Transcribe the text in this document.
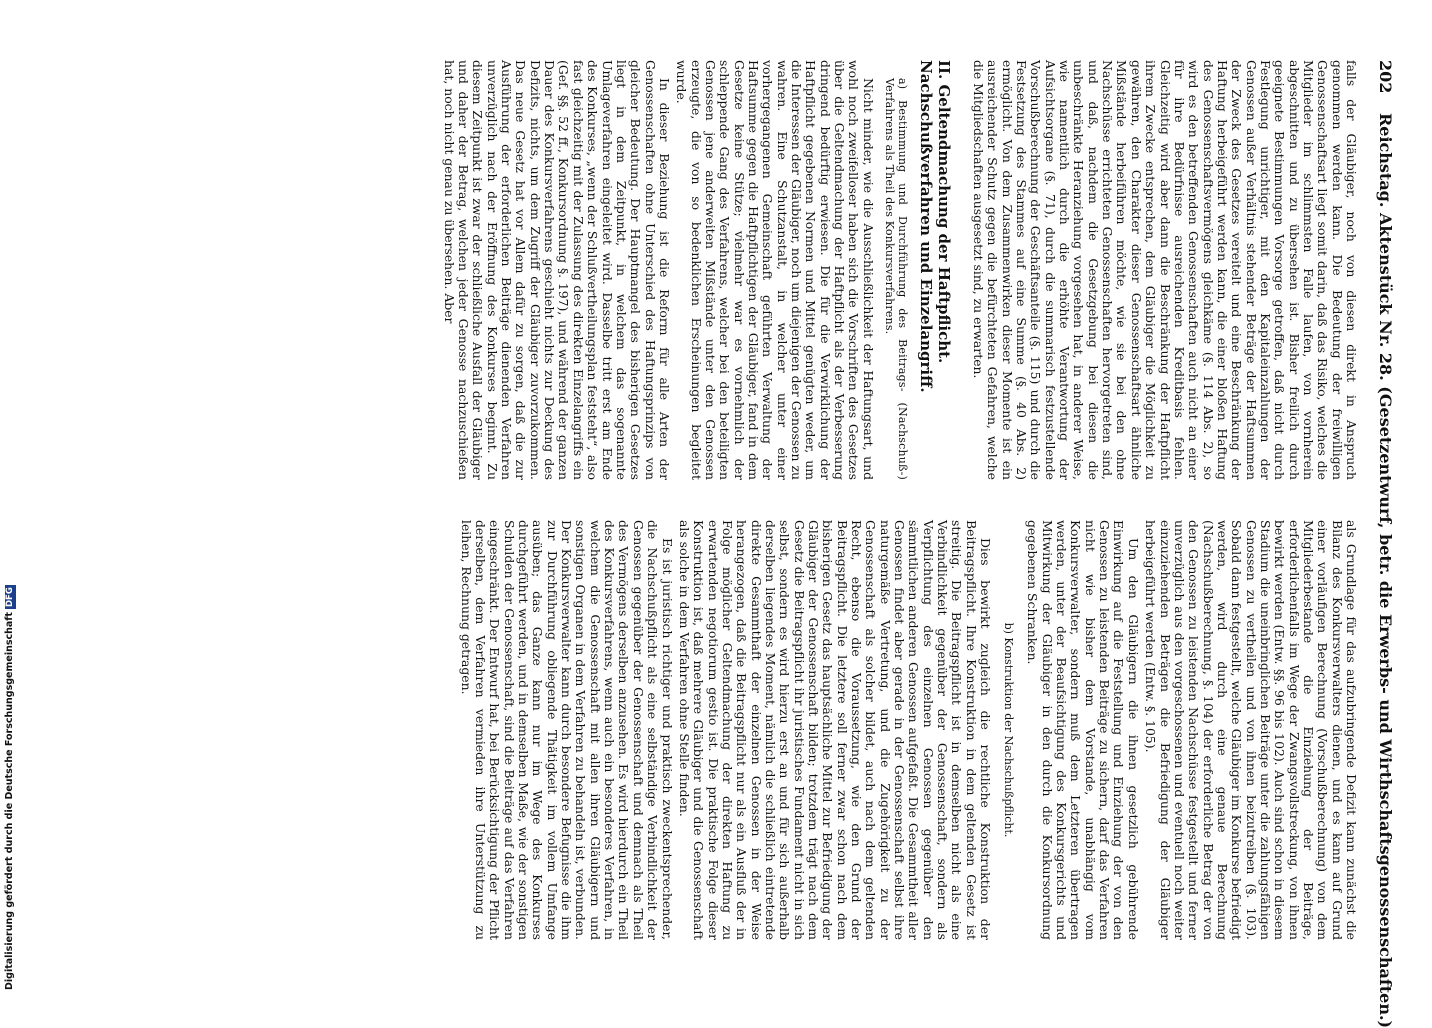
202 Reichstag. Aktenstück Nr. 28. (Gesetzentwurf, betr. die Erwerbs- und Wirthschaftsgenossenschaften.)

falls der Gläubiger, noch von diesen direkt in Anspruch genommen werden kann. Die Bedeutung der freiwilligen Genossenschaftsart liegt somit darin, daß das Risiko, welches die Mitglieder im schlimmsten Falle laufen, von vornherein abgeschnitten und zu übersehen ist. Bisher freilich durch geeignete Bestimmungen Vorsorge getroffen, daß nicht durch Festlegung unrichtiger, mit den Kapitaleinzahlungen der Genossen außer Verhältnis stehender Beträge der Haftsummen der Zweck des Gesetzes vereitelt und eine Beschränkung der Haftung herbeigeführt werden kann, die einer bloßen Haftung des Genossenschaftsvermögens gleichkäme (§. 114 Abs. 2), so wird es den betreffenden Genossenschaften auch nicht an einer für ihre Bedürfnisse ausreichenden Kreditbasis fehlen. Gleichzeitig wird aber dann die Beschränkung der Haftpflicht ihrem Zwecke entsprechen, dem Gläubiger die Möglichkeit zu gewähren, den Charakter dieser Genossenschaftsart ähnliche Mißstände herbeiführen möchte, wie sie bei den ohne Nachschüsse errichteten Genossenschaften hervorgetreten sind, und daß, nachdem die Gesetzgebung bei diesen die unbeschränkte Heranziehung vorgesehen hat, in anderer Weise, wie namentlich durch die erhöhte Verantwortung der Aufsichtsorgane (§. 71), durch die summarisch festzustellende Vorschußberechnung der Geschäftsanteile (§. 115) und durch die Festsetzung des Stammes auf eine Summe (§. 40 Abs. 2) ermöglicht. Von dem Zusammenwirken dieser Momente ist ein ausreichender Schutz gegen die befürchteten Gefahren, welche die Mitgliedschaften ausgesetzt sind, zu erwarten.

II. Geltendmachung der Haftpflicht. Nachschußverfahren und Einzelangriff.
a) Bestimmung und Durchführung des Beitrags- (Nachschuß-) Verfahrens als Theil des Konkursverfahrens.

Nicht minder, wie die Ausschließlichkeit der Haftungsart, und wohl noch zweifelloser haben sich die Vorschriften des Gesetzes über die Geltendmachung der Haftpflicht als der Verbesserung dringend bedürftig erwiesen. Die für die Verwirklichung der Haftpflicht gegebenen Normen und Mittel genügten weder, um die Interessen der Gläubiger, noch um diejenigen der Genossen zu wahren. Eine Schutzanstalt, in welcher unter einer vorhergegangenen Gemeinschaft geführten Verwaltung der Haftsumme gegen die Haftpflichtigen der Gläubiger, fand in dem Gesetze keine Stütze; vielmehr war es vornehmlich der schleppende Gang des Verfahrens, welcher bei den beteiligten Genossen jene anderweiten Mißstände unter den Genossen erzeugte, die von so bedenklichen Erscheinungen begleitet wurde.

In dieser Beziehung ist die Reform für alle Arten der Genossenschaften ohne Unterschied des Haftungsprinzips von gleicher Bedeutung. Der Hauptmangel des bisherigen Gesetzes liegt in dem Zeitpunkt, in welchem das sogenannte Umlageverfahren eingeleitet wird. Dasselbe tritt erst am Ende des Konkurses, „wenn der Schlußvertheilungsplan feststeht“, also fast gleichzeitig mit der Zulassung des direkten Einzelangriffs ein (Gef. §§. 52 ff., Konkursordnung §. 197), und während der ganzen Dauer des Konkursverfahrens geschieht nichts zur Deckung des Defizits, nichts, um dem Zugriff der Gläubiger zuvorzukommen. Das neue Gesetz hat vor Allem dafür zu sorgen, daß die zur Ausführung der erforderlichen Beiträge dienenden Verfahren unverzüglich nach der Eröffnung des Konkurses beginnt. Zu diesem Zeitpunkt ist zwar der schließliche Ausfall der Gläubiger und daher der Betrag, welchen jeder Genosse nachzuschießen hat, noch nicht genau zu übersehen. Aber

als Grundlage für das aufzubringende Defizit kann zunächst die Bilanz des Konkursverwalters dienen, und es kann auf Grund einer vorläufigen Berechnung (Vorschußberechnung) von dem Mitgliederbestande die Einziehung der Beiträge, erforderlichenfalls im Wege der Zwangsvollstreckung, von ihnen bewirkt werden (Entw. §§. 96 bis 102). Auch sind schon in diesem Stadium die uneinbringlichen Beiträge unter die zahlungsfähigen Genossen zu vertheilen und von ihnen beizutreiben (§. 103). Sobald dann festgestellt, welche Gläubiger im Konkurse befriedigt werden, wird durch eine genaue Berechnung (Nachschußberechnung, §. 104) der erforderliche Betrag der von den Genossen zu leistenden Nachschüsse festgestellt und ferner unverzüglich aus den vorgeschossenen und eventuell noch weiter einzuziehenden Beträgen die Befriedigung der Gläubiger herbeigeführt werden (Entw. §. 105).

Um den Gläubigern die ihnen gesetzlich gebührende Einwirkung auf die Feststellung und Einziehung der von den Genossen zu leistenden Beiträge zu sichern, darf das Verfahren nicht wie bisher dem Vorstande, unabhängig vom Konkursverwalter, sondern muß dem Letzteren übertragen werden, unter der Beaufsichtigung des Konkursgerichts und Mitwirkung der Gläubiger in den durch die Konkursordnung gegebenen Schranken.

b) Konstruktion der Nachschußpflicht.

Dies bewirkt zugleich die rechtliche Konstruktion der Beitragspflicht. Ihre Konstruktion in dem geltenden Gesetz ist streitig. Die Beitragspflicht ist in demselben nicht als eine Verbindlichkeit gegenüber der Genossenschaft, sondern als Verpflichtung des einzelnen Genossen gegenüber den sämmtlichen anderen Genossen aufgefaßt. Die Gesammtheit aller Genossen findet aber gerade in der Genossenschaft selbst ihre naturgemäße Vertretung, und die Zugehörigkeit zu der Genossenschaft als solcher bildet, auch nach dem geltenden Recht, ebenso die Voraussetzung, wie den Grund der Beitragspflicht. Die letztere soll ferner zwar schon nach dem bisherigen Gesetz das hauptsächliche Mittel zur Befriedigung der Gläubiger der Genossenschaft bilden; trotzdem trägt nach dem Gesetz die Beitragspflicht ihr juristisches Fundament nicht in sich selbst, sondern es wird hierzu erst an und für sich außerhalb derselben liegendes Moment, nämlich die schließlich eintretende direkte Gesammthaft der einzelnen Genossen in der Weise herangezogen, daß die Beitragspflicht nur als ein Ausfluß der in Folge möglicher Geltendmachung der direkten Haftung zu erwartenden negotiorum gestio ist. Die praktische Folge dieser Konstruktion ist, daß mehrere Gläubiger und die Genossenschaft als solche in dem Verfahren ohne Stelle finden.

Es ist juristisch richtiger und praktisch zweckentsprechender, die Nachschußpflicht als eine selbständige Verbindlichkeit der Genossen gegenüber der Genossenschaft und demnach als Theil des Vermögens derselben anzusehen. Es wird hierdurch ein Theil des Konkursverfahrens, wenn auch ein besonderes Verfahren, in welchem die Genossenschaft mit allen ihren Gläubigern und sonstigen Organen in dem Verfahren zu behandeln ist, verbunden. Der Konkursverwalter kann durch besondere Befugnisse die ihm zur Durchführung obliegende Thätigkeit im vollem Umfange ausüben; das Ganze kann nur im Wege des Konkurses durchgeführt werden, und in demselben Maße, wie der sonstigen Schulden der Genossenschaft, sind die Beiträge auf das Verfahren eingeschränkt. Der Entwurf hat, bei Berücksichtigung der Pflicht derselben, dem Verfahren vermieden ihre Unterstützung zu leihen, Rechnung getragen.

Digitalisierung gefördert durch die Deutsche ForschungsgemeinschaftDFG
